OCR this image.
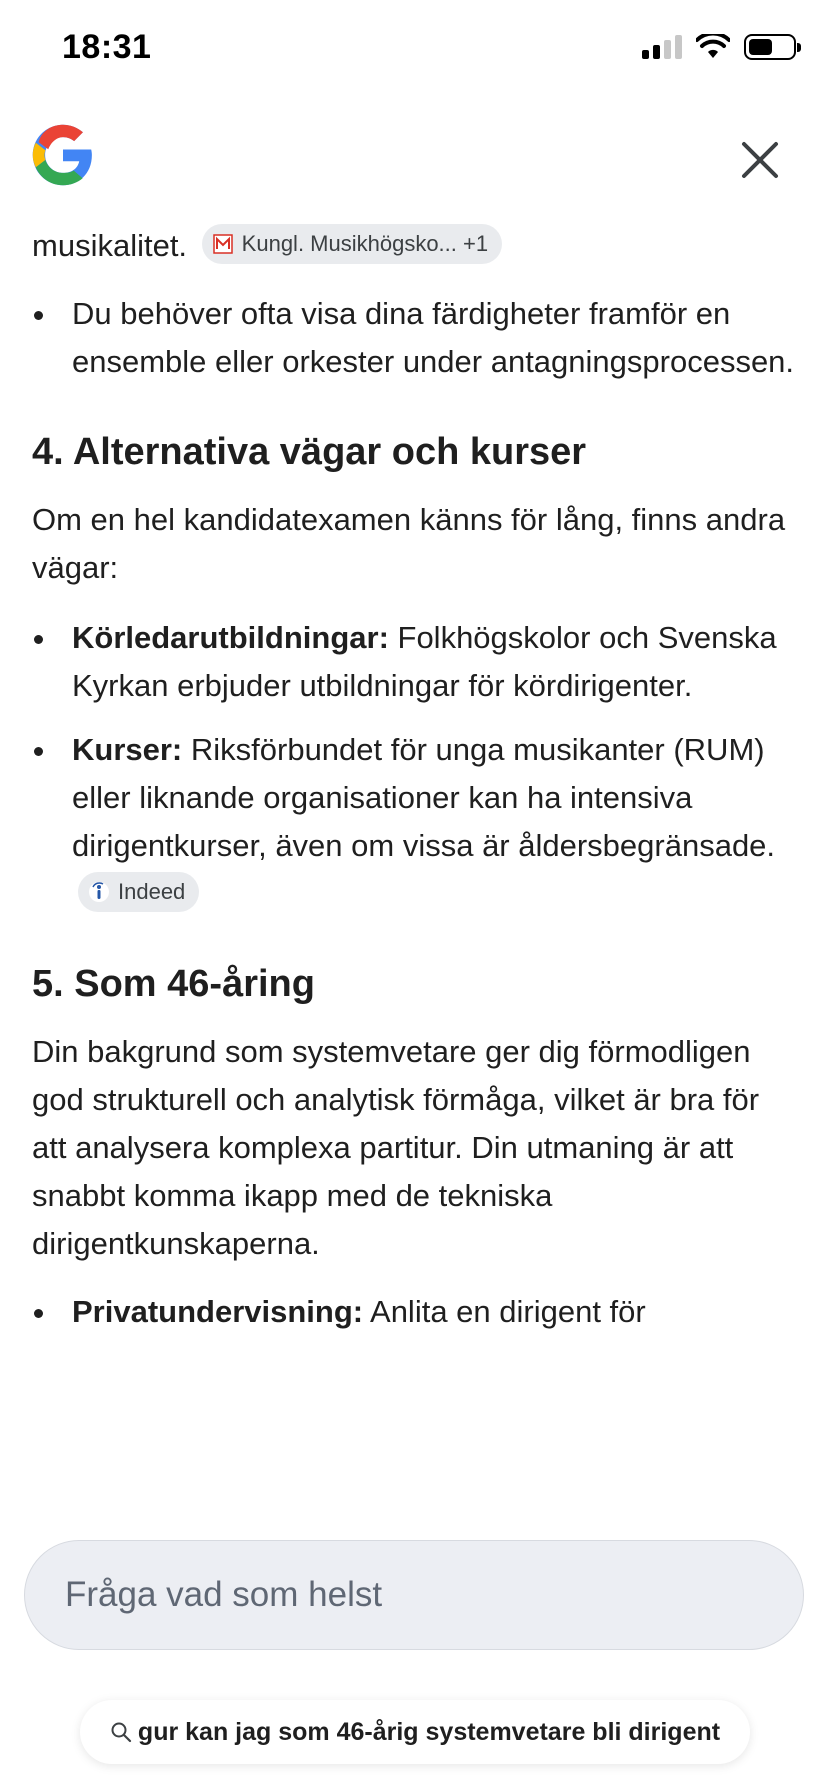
18:31
musikalitet. Kungl. Musikhögsko... +1
Du behöver ofta visa dina färdigheter framför en ensemble eller orkester under antagningsprocessen.
4. Alternativa vägar och kurser
Om en hel kandidatexamen känns för lång, finns andra vägar:
Körledarutbildningar: Folkhögskolor och Svenska Kyrkan erbjuder utbildningar för kördirigenter.
Kurser: Riksförbundet för unga musikanter (RUM) eller liknande organisationer kan ha intensiva dirigentkurser, även om vissa är åldersbegränsade.
Indeed
5. Som 46-åring
Din bakgrund som systemvetare ger dig förmodligen god strukturell och analytisk förmåga, vilket är bra för att analysera komplexa partitur. Din utmaning är att snabbt komma ikapp med de tekniska dirigentkunskaperna.
Privatundervisning: Anlita en dirigent för
Fråga vad som helst
gur kan jag som 46-årig systemvetare bli dirigent
